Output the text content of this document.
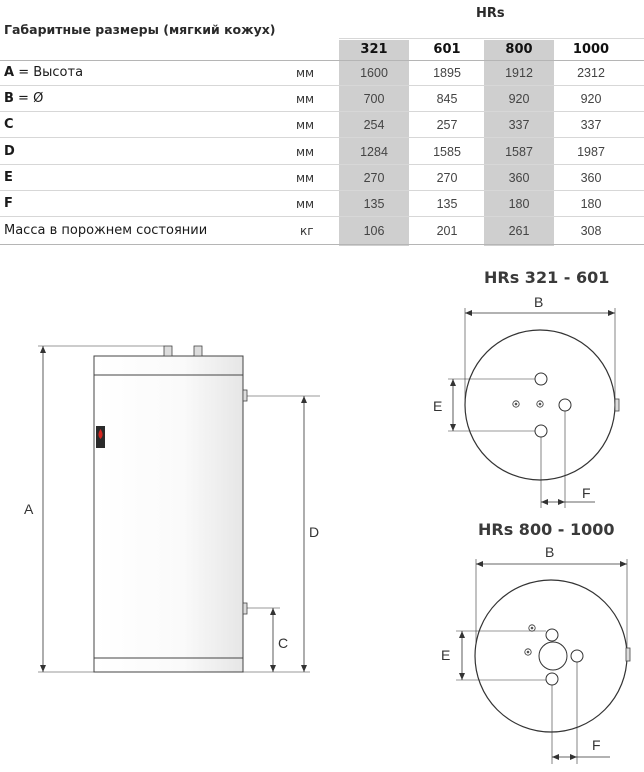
Габаритные размеры (мягкий кожух)
HRs
321	601	800	1000
A = Высота	мм	1600	1895	1912	2312
B = Ø	мм	700	845	920	920
C	мм	254	257	337	337
D	мм	1284	1585	1587	1987
E	мм	270	270	360	360
F	мм	135	135	180	180
Масса в порожнем состоянии	кг	106	201	261	308
A
D
C
HRs 321 - 601
B
E
F
HRs 800 - 1000
B
E
F
